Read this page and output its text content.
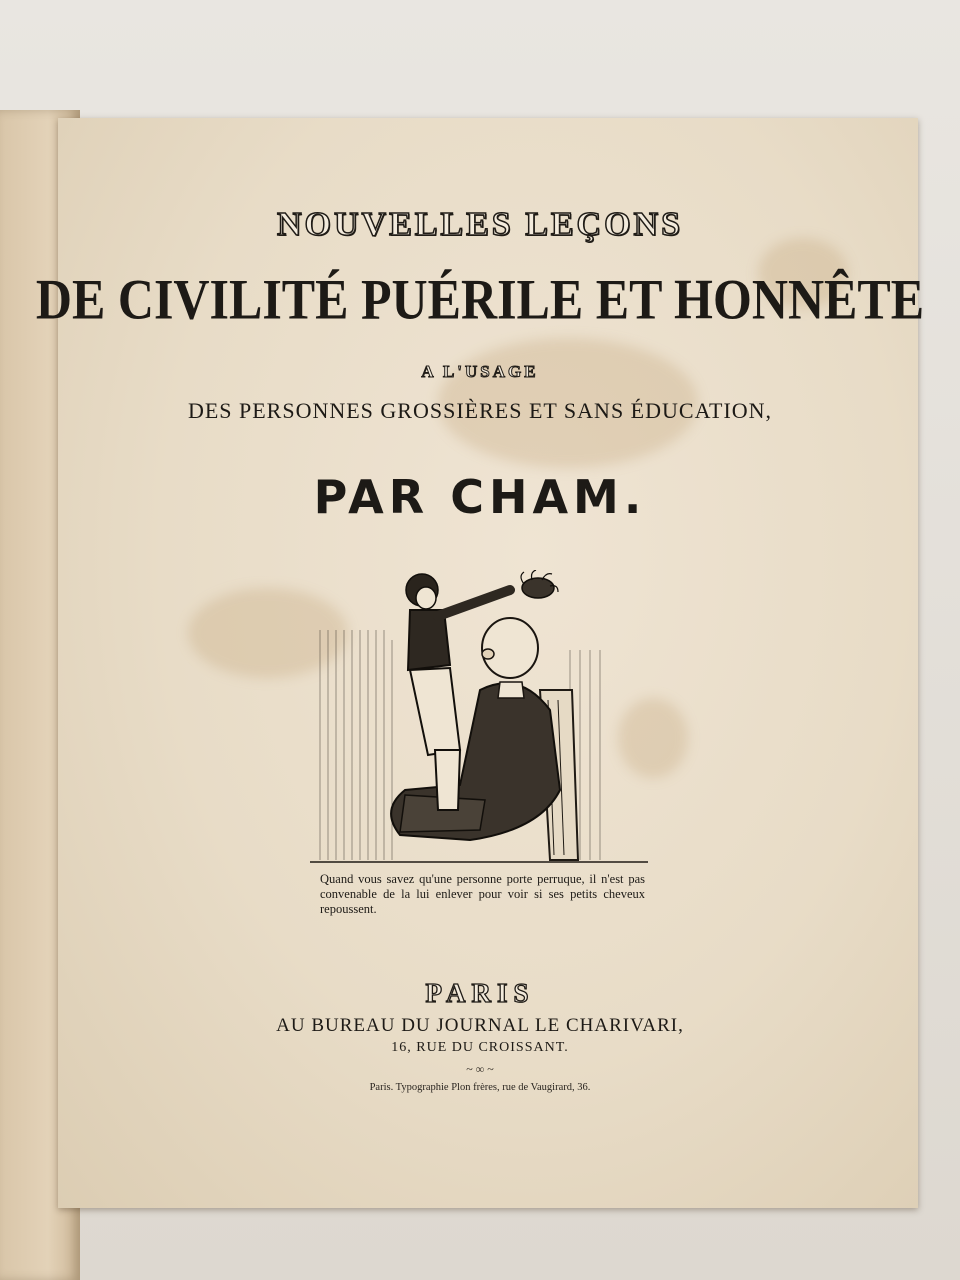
NOUVELLES LEÇONS
DE CIVILITÉ PUÉRILE ET HONNÊTE
A L'USAGE
DES PERSONNES GROSSIÈRES ET SANS ÉDUCATION,
PAR CHAM.
Quand vous savez qu'une personne porte perruque, il n'est pas convenable de la lui enlever pour voir si ses petits cheveux repoussent.
PARIS
AU BUREAU DU JOURNAL LE CHARIVARI,
16, RUE DU CROISSANT.
~ ∞ ~
Paris. Typographie Plon frères, rue de Vaugirard, 36.
